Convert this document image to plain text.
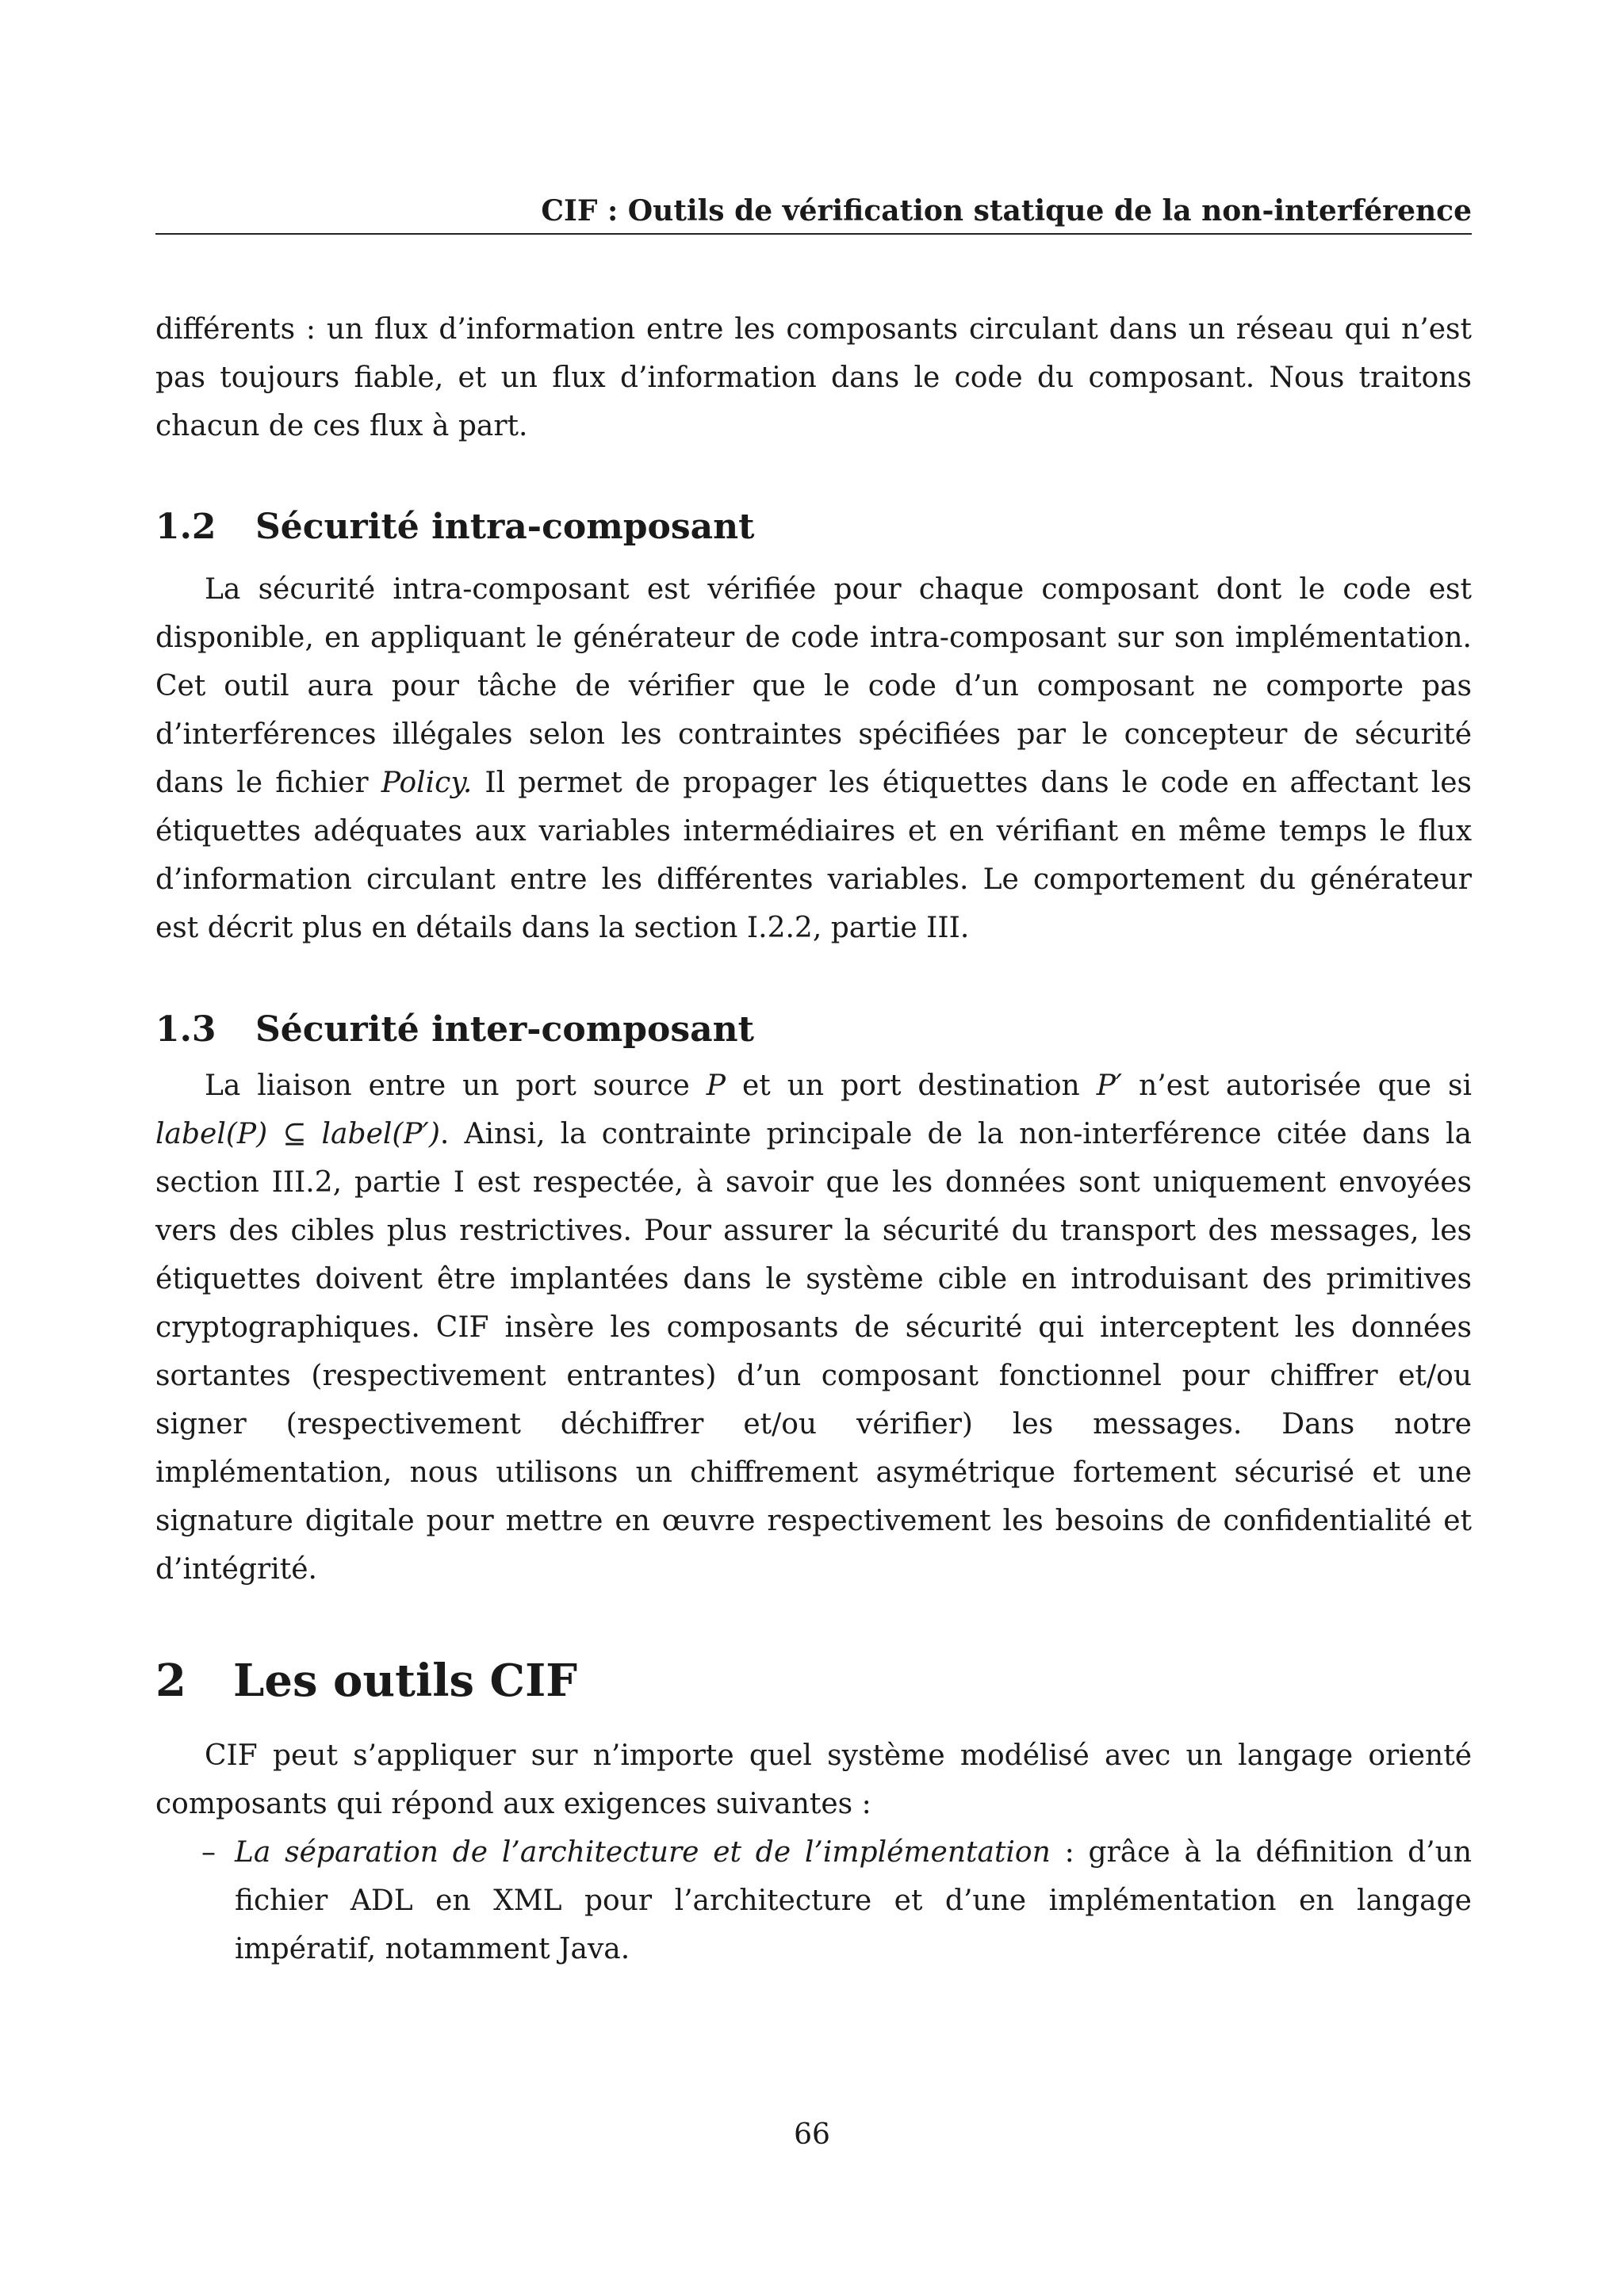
CIF : Outils de vérification statique de la non-interférence

différents : un flux d’information entre les composants circulant dans un réseau qui n’est pas toujours fiable, et un flux d’information dans le code du composant. Nous traitons chacun de ces flux à part.

1.2 Sécurité intra-composant

La sécurité intra-composant est vérifiée pour chaque composant dont le code est disponible, en appliquant le générateur de code intra-composant sur son implémentation. Cet outil aura pour tâche de vérifier que le code d’un composant ne comporte pas d’interférences illégales selon les contraintes spécifiées par le concepteur de sécurité dans le fichier Policy. Il permet de propager les étiquettes dans le code en affectant les étiquettes adéquates aux variables intermédiaires et en vérifiant en même temps le flux d’information circulant entre les différentes variables. Le comportement du générateur est décrit plus en détails dans la section I.2.2, partie III.

1.3 Sécurité inter-composant

La liaison entre un port source P et un port destination P′ n’est autorisée que si label(P) ⊆ label(P′). Ainsi, la contrainte principale de la non-interférence citée dans la section III.2, partie I est respectée, à savoir que les données sont uniquement envoyées vers des cibles plus restrictives. Pour assurer la sécurité du transport des messages, les étiquettes doivent être implantées dans le système cible en introduisant des primitives cryptographiques. CIF insère les composants de sécurité qui interceptent les données sortantes (respectivement entrantes) d’un composant fonctionnel pour chiffrer et/ou signer (respectivement déchiffrer et/ou vérifier) les messages. Dans notre implémentation, nous utilisons un chiffrement asymétrique fortement sécurisé et une signature digitale pour mettre en œuvre respectivement les besoins de confidentialité et d’intégrité.

2 Les outils CIF

CIF peut s’appliquer sur n’importe quel système modélisé avec un langage orienté composants qui répond aux exigences suivantes :

– La séparation de l’architecture et de l’implémentation : grâce à la définition d’un fichier ADL en XML pour l’architecture et d’une implémentation en langage impératif, notamment Java.
66
